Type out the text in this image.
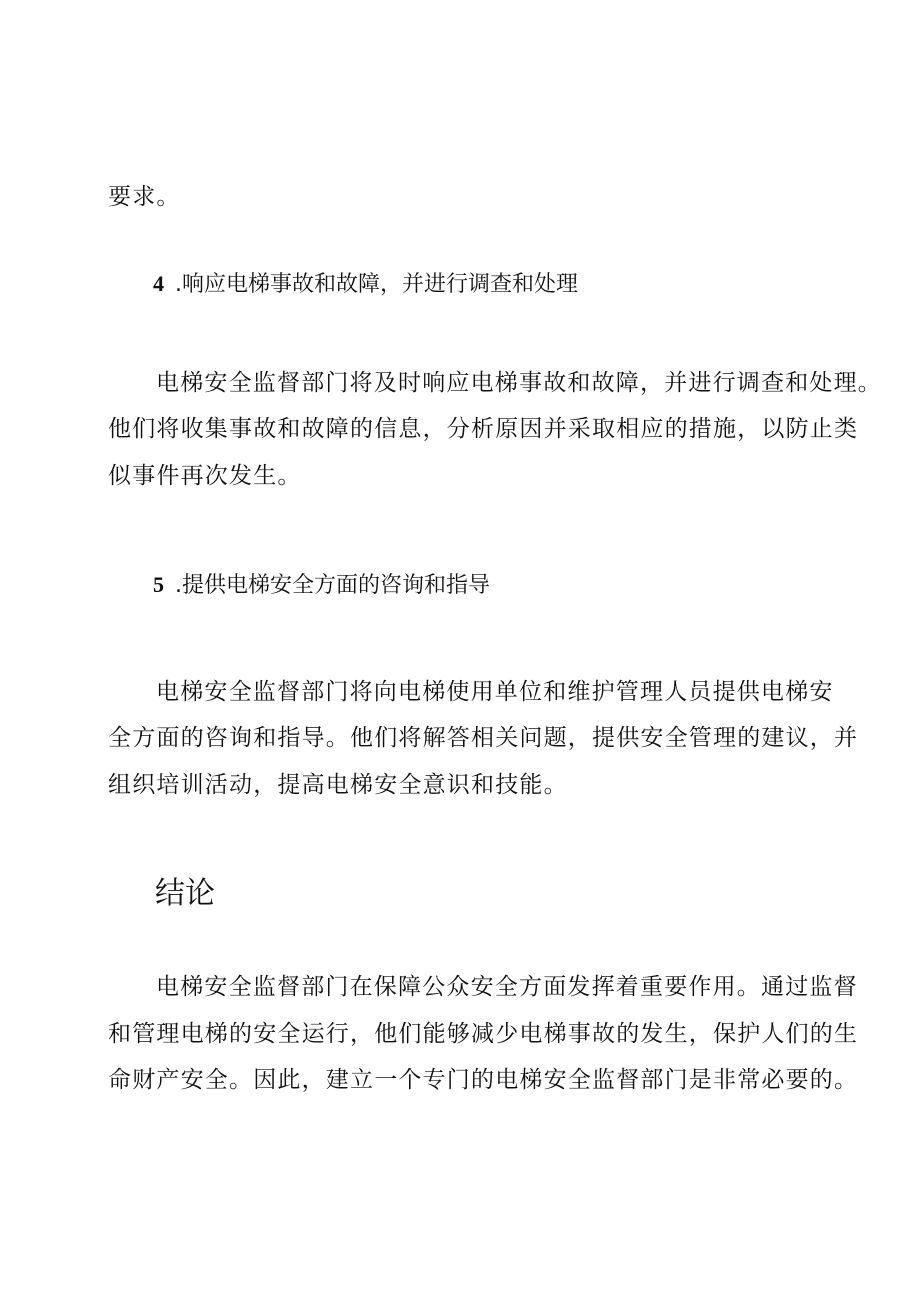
要求。

4 .响应电梯事故和故障，并进行调查和处理

电梯安全监督部门将及时响应电梯事故和故障，并进行调查和处理。

他们将收集事故和故障的信息，分析原因并采取相应的措施，以防止类

似事件再次发生。

5 .提供电梯安全方面的咨询和指导

电梯安全监督部门将向电梯使用单位和维护管理人员提供电梯安

全方面的咨询和指导。他们将解答相关问题，提供安全管理的建议，并

组织培训活动，提高电梯安全意识和技能。

结论

电梯安全监督部门在保障公众安全方面发挥着重要作用。通过监督

和管理电梯的安全运行，他们能够减少电梯事故的发生，保护人们的生

命财产安全。因此，建立一个专门的电梯安全监督部门是非常必要的。
